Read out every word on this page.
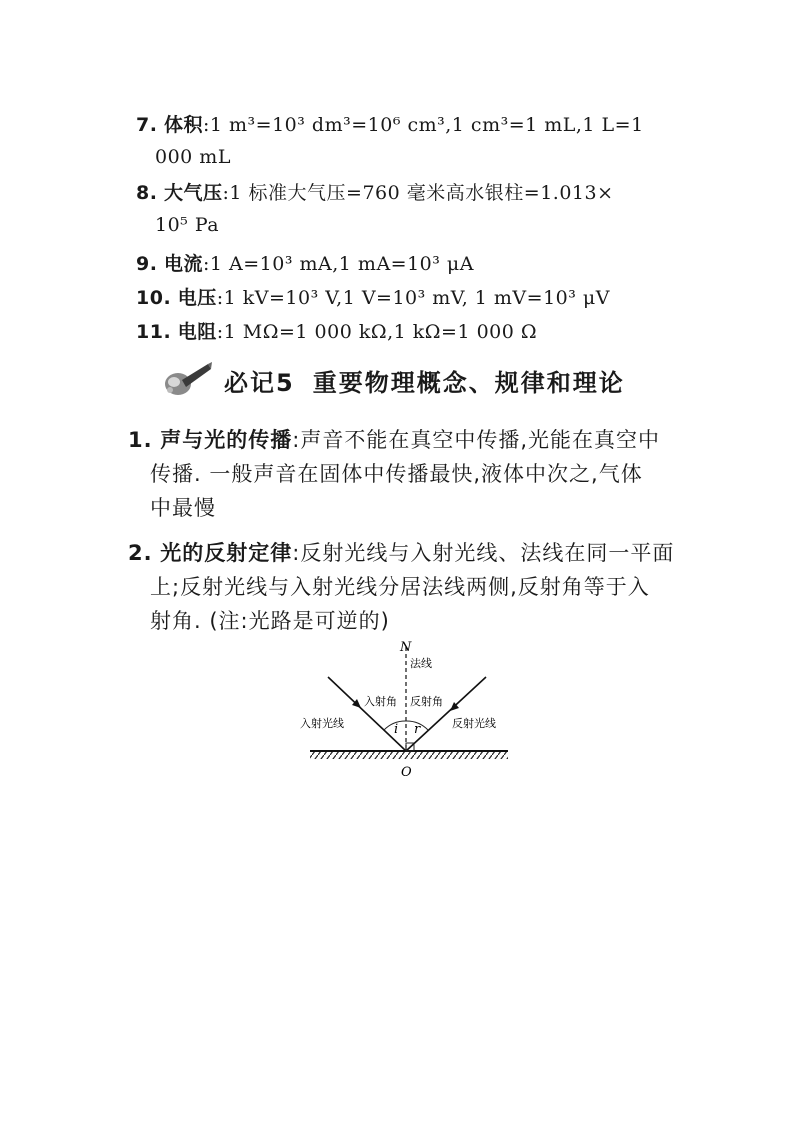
7. 体积:1 m³=10³ dm³=10⁶ cm³,1 cm³=1 mL,1 L=1
000 mL
8. 大气压:1 标准大气压=760 毫米高水银柱=1.013×
10⁵ Pa
9. 电流:1 A=10³ mA,1 mA=10³ μA
10. 电压:1 kV=10³ V,1 V=10³ mV, 1 mV=10³ μV
11. 电阻:1 MΩ=1 000 kΩ,1 kΩ=1 000 Ω
必记5 重要物理概念、规律和理论
1. 声与光的传播:声音不能在真空中传播,光能在真空中
传播. 一般声音在固体中传播最快,液体中次之,气体
中最慢
2. 光的反射定律:反射光线与入射光线、法线在同一平面
上;反射光线与入射光线分居法线两侧,反射角等于入
射角. (注:光路是可逆的)
N
法线
入射角 反射角
入射光线	反射光线
i r
O
